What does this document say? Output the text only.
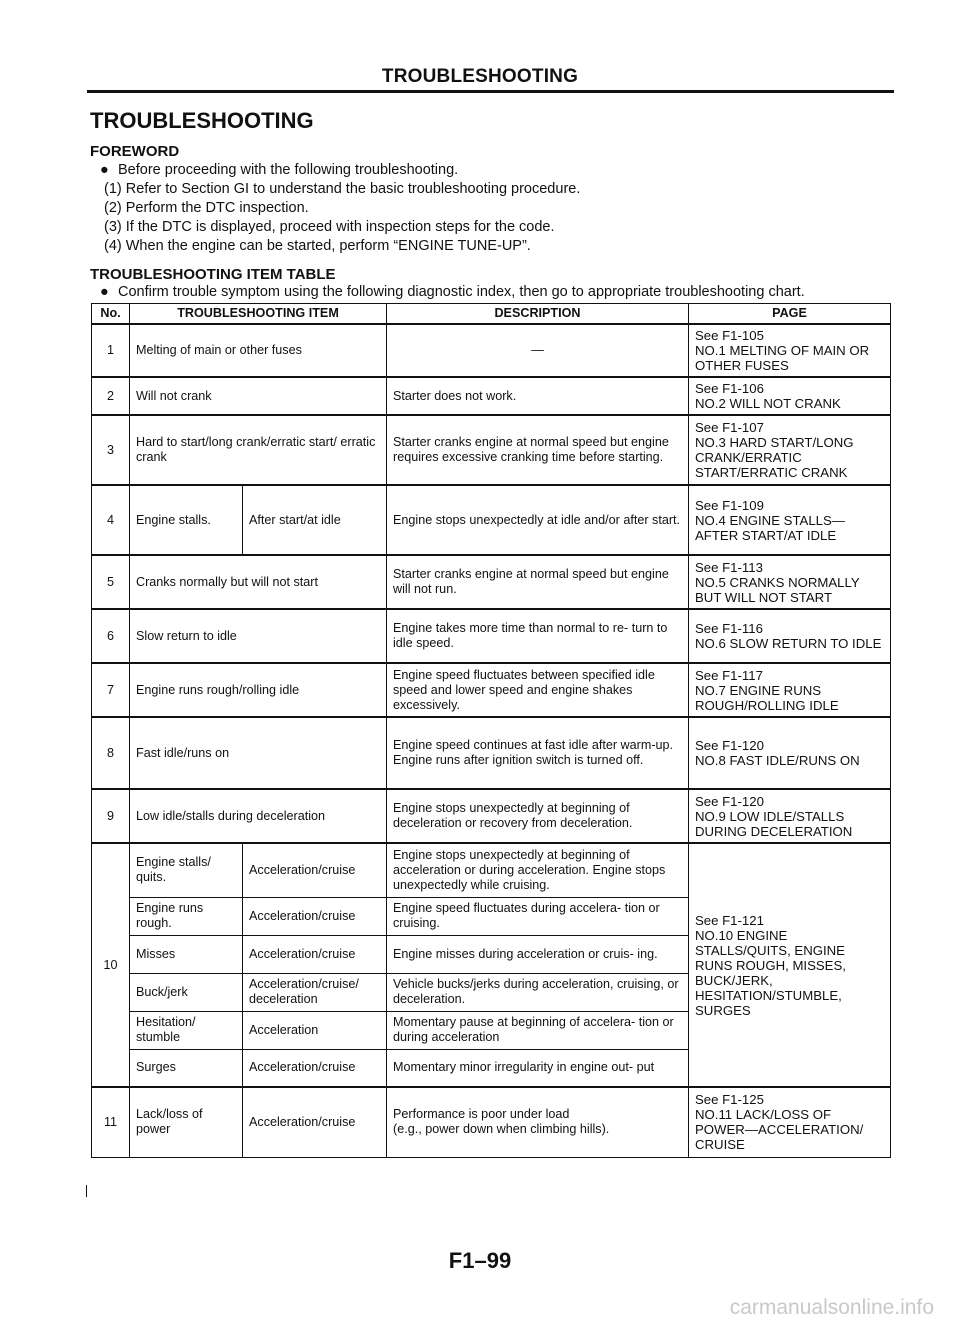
TROUBLESHOOTING
TROUBLESHOOTING
FOREWORD
● Before proceeding with the following troubleshooting.
(1) Refer to Section GI to understand the basic troubleshooting procedure.
(2) Perform the DTC inspection.
(3) If the DTC is displayed, proceed with inspection steps for the code.
(4) When the engine can be started, perform “ENGINE TUNE-UP”.
TROUBLESHOOTING ITEM TABLE
● Confirm trouble symptom using the following diagnostic index, then go to appropriate troubleshooting chart.
No.	TROUBLESHOOTING ITEM		DESCRIPTION	PAGE
1	Melting of main or other fuses		—	See F1-105
NO.1 MELTING OF MAIN OR OTHER FUSES
2	Will not crank		Starter does not work.	See F1-106
NO.2 WILL NOT CRANK
3	Hard to start/long crank/erratic start/ erratic crank		Starter cranks engine at normal speed but engine requires excessive cranking time before starting.	See F1-107
NO.3 HARD START/LONG CRANK/ERRATIC START/ERRATIC CRANK
4	Engine stalls.	After start/at idle	Engine stops unexpectedly at idle and/or after start.	See F1-109
NO.4 ENGINE STALLS—AFTER START/AT IDLE
5	Cranks normally but will not start		Starter cranks engine at normal speed but engine will not run.	See F1-113
NO.5 CRANKS NORMALLY BUT WILL NOT START
6	Slow return to idle		Engine takes more time than normal to re- turn to idle speed.	See F1-116
NO.6 SLOW RETURN TO IDLE
7	Engine runs rough/rolling idle		Engine speed fluctuates between specified idle speed and lower speed and engine shakes excessively.	See F1-117
NO.7 ENGINE RUNS ROUGH/ROLLING IDLE
8	Fast idle/runs on		Engine speed continues at fast idle after warm-up.
Engine runs after ignition switch is turned off.	See F1-120
NO.8 FAST IDLE/RUNS ON
9	Low idle/stalls during deceleration		Engine stops unexpectedly at beginning of deceleration or recovery from deceleration.	See F1-120
NO.9 LOW IDLE/STALLS DURING DECELERATION
10	Engine stalls/ quits.	Acceleration/cruise	Engine stops unexpectedly at beginning of acceleration or during acceleration. Engine stops unexpectedly while cruising.	See F1-121
NO.10 ENGINE STALLS/QUITS, ENGINE RUNS ROUGH, MISSES, BUCK/JERK, HESITATION/STUMBLE, SURGES
	Engine runs rough.	Acceleration/cruise	Engine speed fluctuates during accelera- tion or cruising.	
	Misses	Acceleration/cruise	Engine misses during acceleration or cruis- ing.	
	Buck/jerk	Acceleration/cruise/ deceleration	Vehicle bucks/jerks during acceleration, cruising, or deceleration.	
	Hesitation/ stumble	Acceleration	Momentary pause at beginning of accelera- tion or during acceleration	
	Surges	Acceleration/cruise	Momentary minor irregularity in engine out- put	
11	Lack/loss of power	Acceleration/cruise	Performance is poor under load
(e.g., power down when climbing hills).	See F1-125
NO.11 LACK/LOSS OF POWER—ACCELERATION/ CRUISE
F1–99
carmanualsonline.info
